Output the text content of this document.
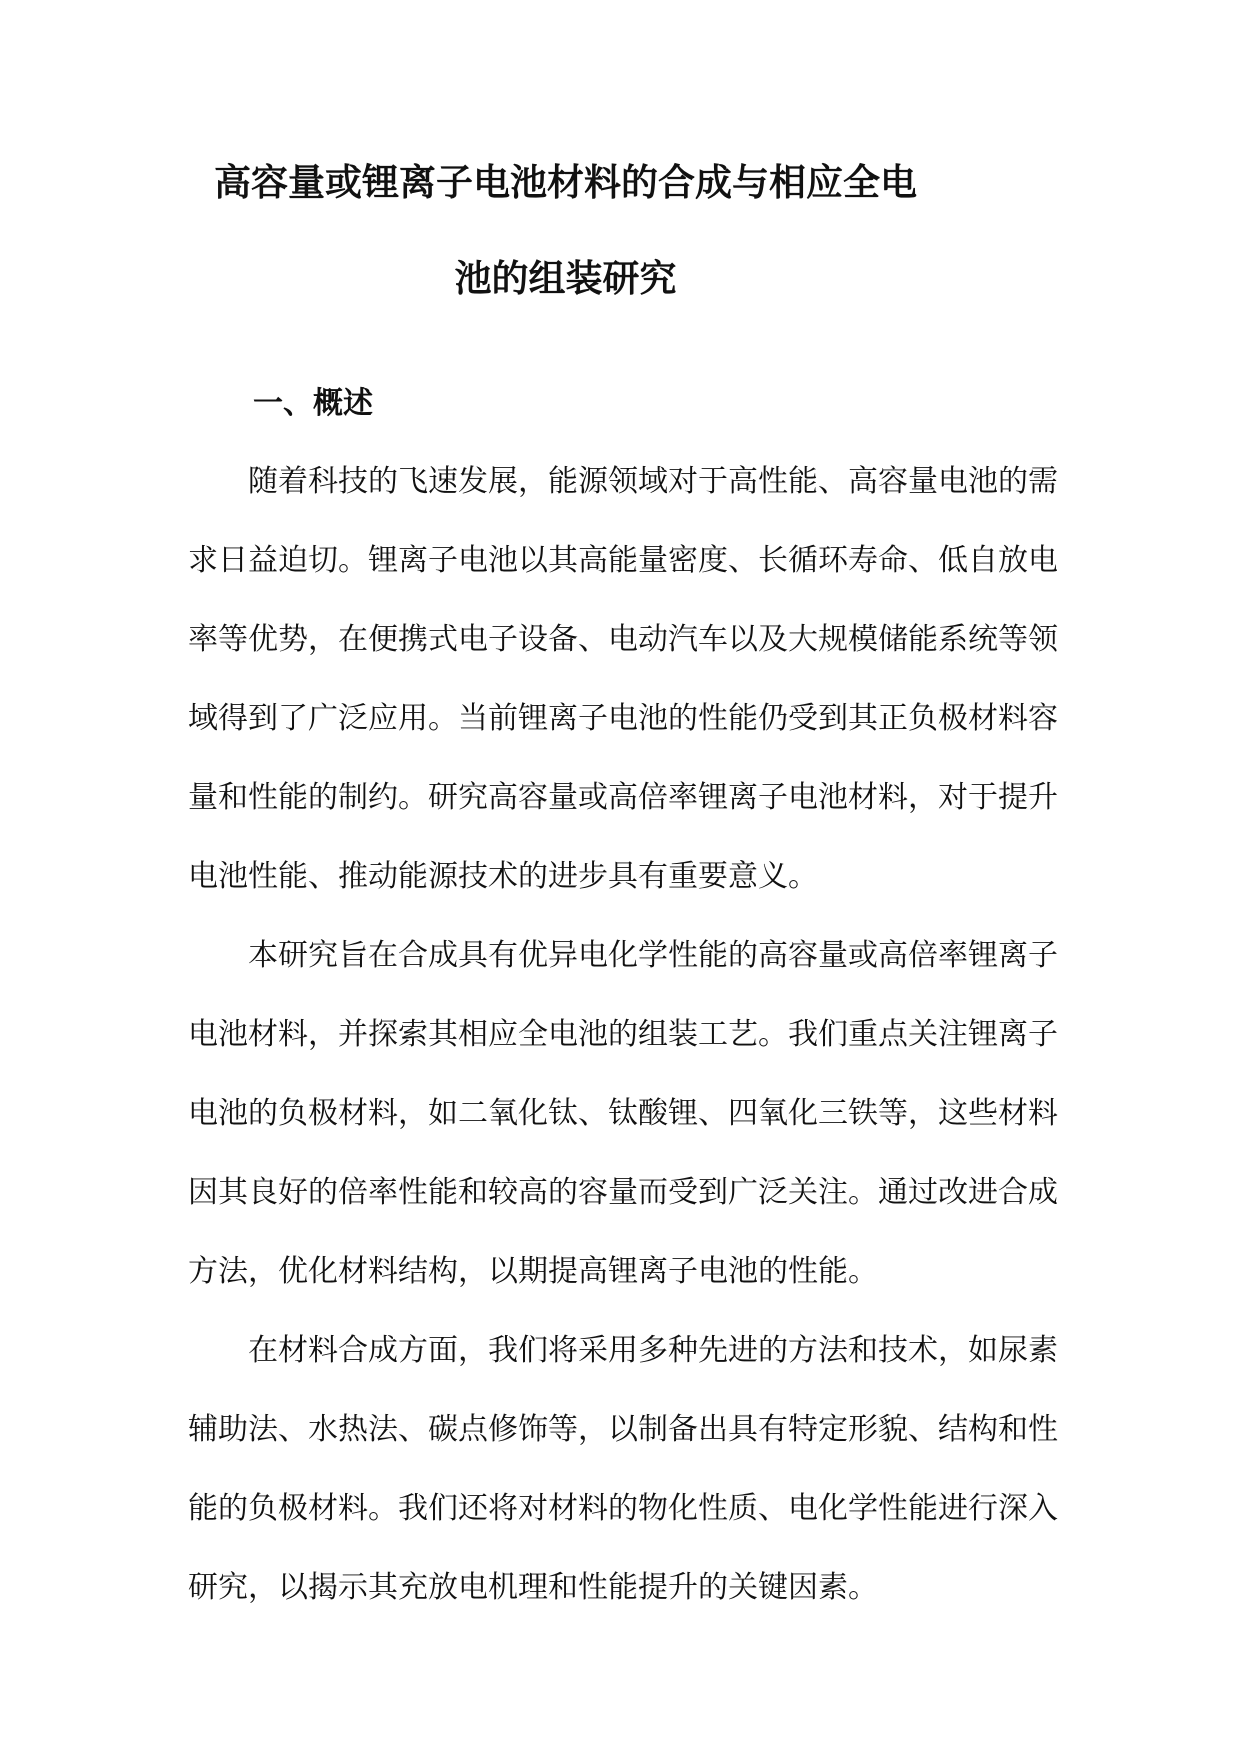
高容量或锂离子电池材料的合成与相应全电
池的组装研究
一、概述
随着科技的飞速发展，能源领域对于高性能、高容量电池的需求日益迫切。锂离子电池以其高能量密度、长循环寿命、低自放电率等优势，在便携式电子设备、电动汽车以及大规模储能系统等领域得到了广泛应用。当前锂离子电池的性能仍受到其正负极材料容量和性能的制约。研究高容量或高倍率锂离子电池材料，对于提升电池性能、推动能源技术的进步具有重要意义。
本研究旨在合成具有优异电化学性能的高容量或高倍率锂离子电池材料，并探索其相应全电池的组装工艺。我们重点关注锂离子电池的负极材料，如二氧化钛、钛酸锂、四氧化三铁等，这些材料因其良好的倍率性能和较高的容量而受到广泛关注。通过改进合成方法，优化材料结构，以期提高锂离子电池的性能。
在材料合成方面，我们将采用多种先进的方法和技术，如尿素辅助法、水热法、碳点修饰等，以制备出具有特定形貌、结构和性能的负极材料。我们还将对材料的物化性质、电化学性能进行深入研究，以揭示其充放电机理和性能提升的关键因素。
